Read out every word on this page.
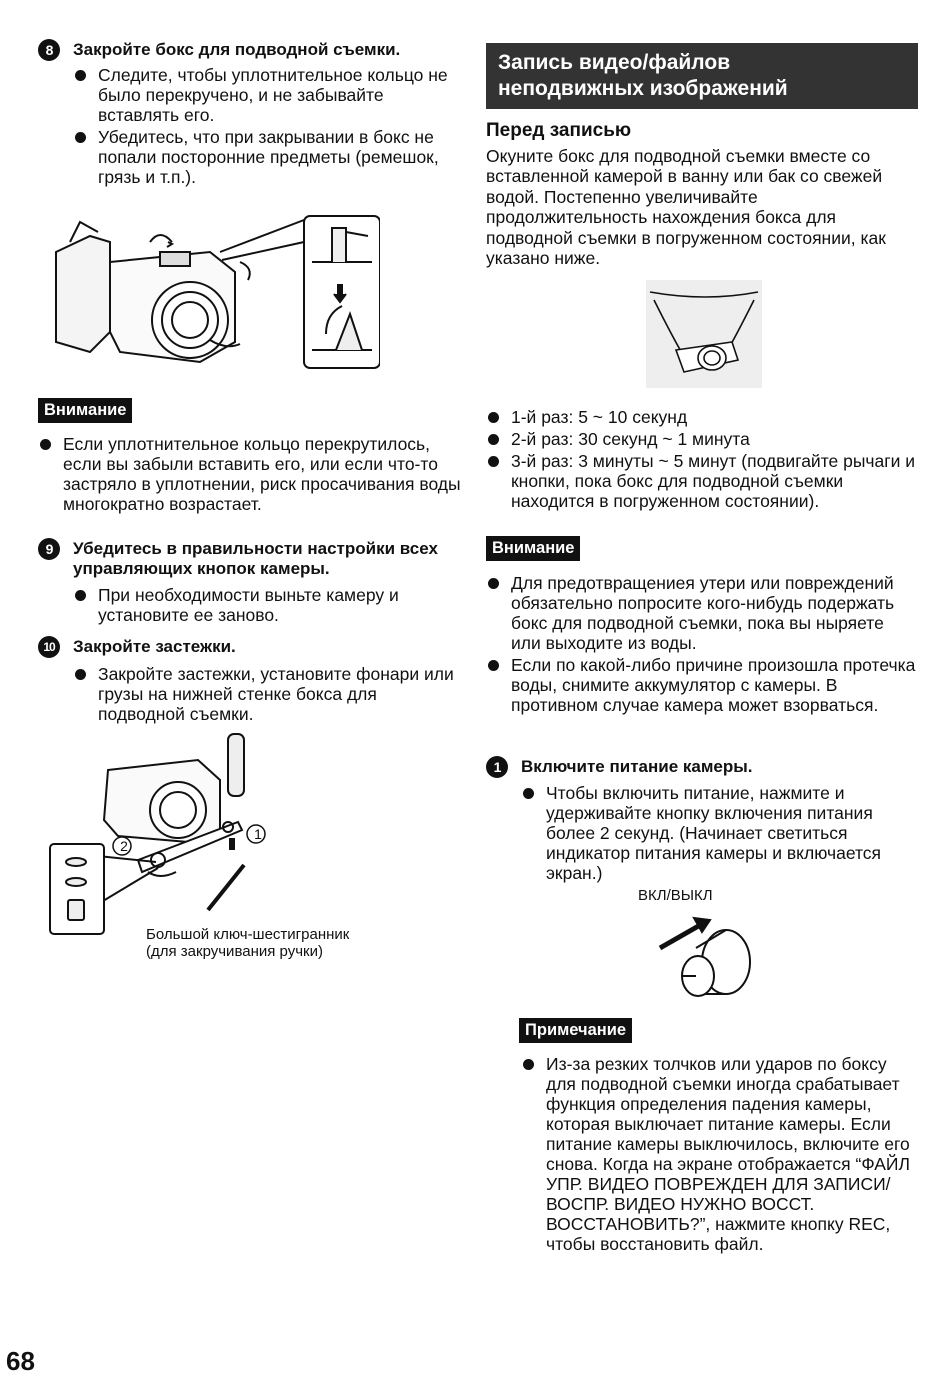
8	Закройте бокс для подводной съемки.
Следите, чтобы уплотнительное кольцо не было перекручено, и не забывайте вставлять его.
Убедитесь, что при закрывании в бокс не попали посторонние предметы (ремешок, грязь и т.п.).
Внимание
Если уплотнительное кольцо перекрутилось, если вы забыли вставить его, или если что-то застряло в уплотнении, риск просачивания воды многократно возрастает.
9	Убедитесь в правильности настройки всех управляющих кнопок камеры.
При необходимости выньте камеру и установите ее заново.
10	Закройте застежки.
Закройте застежки, установите фонари или грузы на нижней стенке бокса для подводной съемки.
1
2
Большой ключ-шестигранник
(для закручивания ручки)
Запись видео/файлов
неподвижных изображений
Перед записью
Окуните бокс для подводной съемки вместе со вставленной камерой в ванну или бак со свежей водой. Постепенно увеличивайте продолжительность нахождения бокса для подводной съемки в погруженном состоянии, как указано ниже.
1-й раз: 5 ~ 10 секунд
2-й раз: 30 секунд ~ 1 минута
3-й раз: 3 минуты ~ 5 минут (подвигайте рычаги и кнопки, пока бокс для подводной съемки находится в погруженном состоянии).
Внимание
Для предотвращениея утери или повреждений обязательно попросите кого-нибудь подержать бокс для подводной съемки, пока вы ныряете или выходите из воды.
Если по какой-либо причине произошла протечка воды, снимите аккумулятор с камеры. В противном случае камера может взорваться.
1	Включите питание камеры.
Чтобы включить питание, нажмите и удерживайте кнопку включения питания более 2 секунд. (Начинает светиться индикатор питания камеры и включается экран.)
ВКЛ/ВЫКЛ
Примечание
Из-за резких толчков или ударов по боксу для подводной съемки иногда срабатывает функция определения падения камеры, которая выключает питание камеры. Если питание камеры выключилось, включите его снова. Когда на экране отображается “ФАЙЛ УПР. ВИДЕО ПОВРЕЖДЕН ДЛЯ ЗАПИСИ/ВОСПР. ВИДЕО НУЖНО ВОССТ. ВОССТАНОВИТЬ?”, нажмите кнопку REC, чтобы восстановить файл.
68
